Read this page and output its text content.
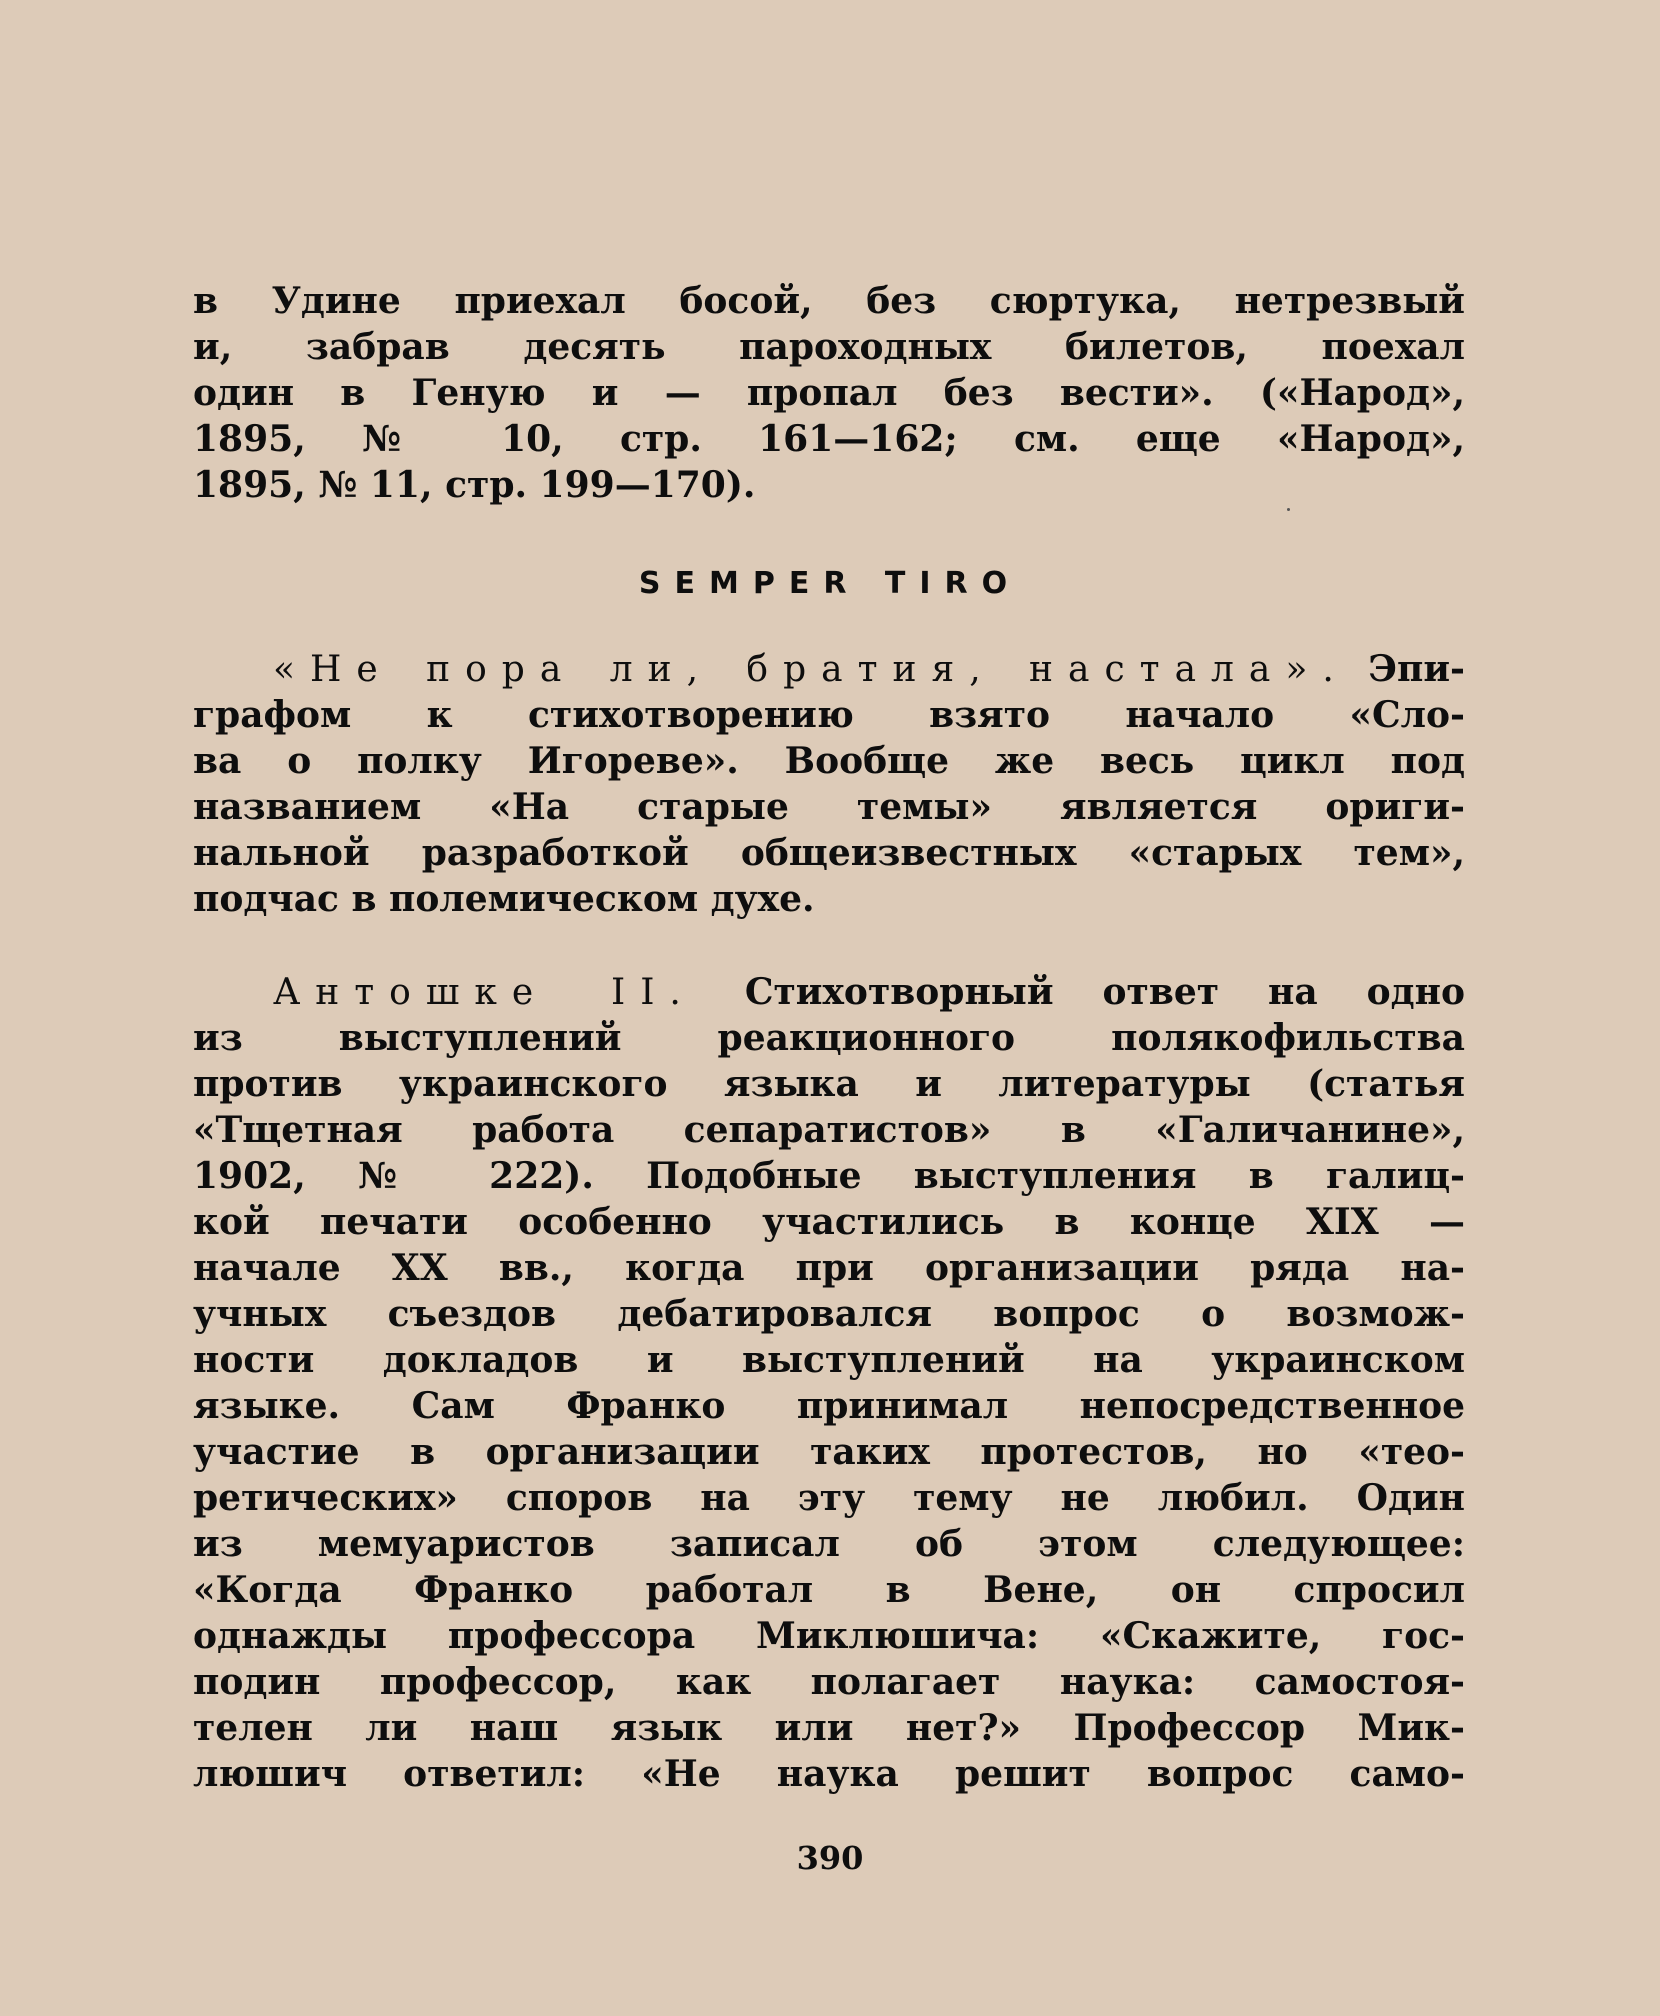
в Удине приехал босой, без сюртука, нетрезвый
и, забрав десять пароходных билетов, поехал
один в Геную и — пропал без вести». («Народ»,
1895, № 10, стр. 161—162; см. еще «Народ»,
1895, № 11, стр. 199—170).
SEMPER TIRO
«Не пора ли, братия, настала». Эпи-
графом к стихотворению взято начало «Сло-
ва о полку Игореве». Вообще же весь цикл под
названием «На старые темы» является ориги-
нальной разработкой общеизвестных «старых тем»,
подчас в полемическом духе.
Антошке II. Стихотворный ответ на одно
из выступлений реакционного полякофильства
против украинского языка и литературы (статья
«Тщетная работа сепаратистов» в «Галичанине»,
1902, № 222). Подобные выступления в галиц-
кой печати особенно участились в конце XIX —
начале XX вв., когда при организации ряда на-
учных съездов дебатировался вопрос о возмож-
ности докладов и выступлений на украинском
языке. Сам Франко принимал непосредственное
участие в организации таких протестов, но «тео-
ретических» споров на эту тему не любил. Один
из мемуаристов записал об этом следующее:
«Когда Франко работал в Вене, он спросил
однажды профессора Миклюшича: «Скажите, гос-
подин профессор, как полагает наука: самостоя-
телен ли наш язык или нет?» Профессор Мик-
люшич ответил: «Не наука решит вопрос само-
390
